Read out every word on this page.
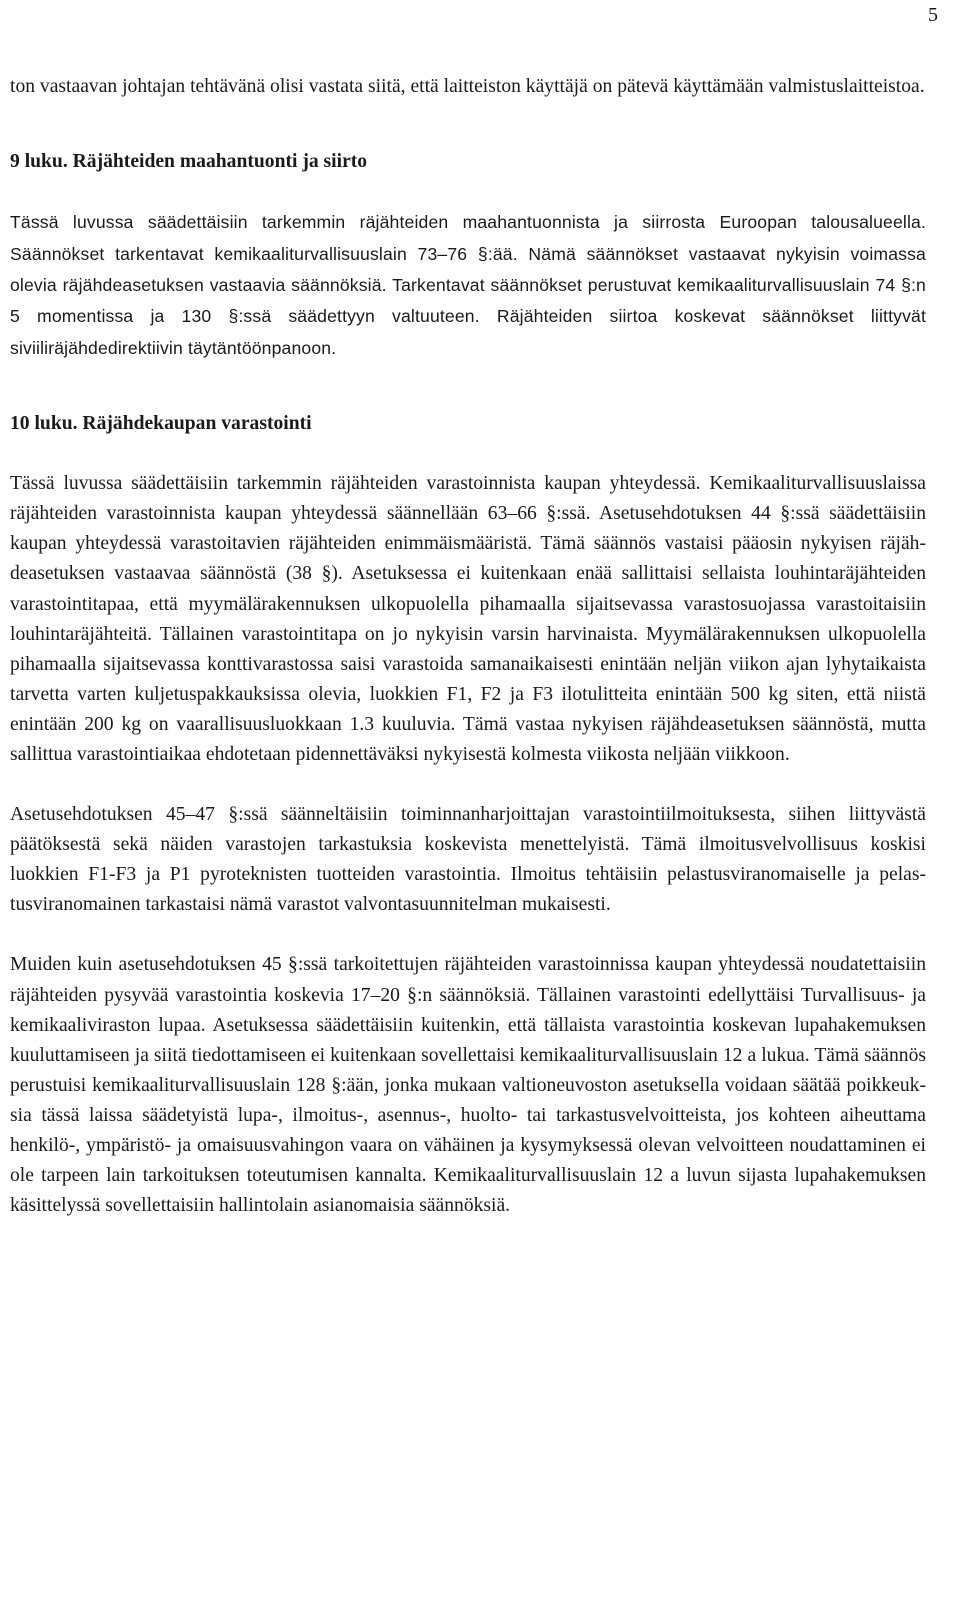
5

ton vastaavan johtajan tehtävänä olisi vastata siitä, että laitteiston käyttäjä on pätevä käyttämään valmistuslaitteistoa.

9 luku. Räjähteiden maahantuonti ja siirto

Tässä luvussa säädettäisiin tarkemmin räjähteiden maahantuonnista ja siirrosta Euroopan talousalueella. Säännökset tarkentavat kemikaaliturvallisuuslain 73–76 §:ää. Nämä säännökset vastaavat nykyisin voimassa olevia räjähdeasetuksen vastaavia säännöksiä. Tarkentavat säännökset perustuvat kemikaaliturvallisuuslain 74 §:n 5 momentissa ja 130 §:ssä säädettyyn valtuuteen. Räjähteiden siirtoa koskevat säännökset liittyvät siviiliräjähdedirektiivin täytäntöönpanoon.

10 luku. Räjähdekaupan varastointi

Tässä luvussa säädettäisiin tarkemmin räjähteiden varastoinnista kaupan yhteydessä. Kemikaaliturvallisuuslaissa räjähteiden varastoinnista kaupan yhteydessä säännellään 63–66 §:ssä. Asetusehdotuksen 44 §:ssä säädettäisiin kaupan yhteydessä varastoitavien räjähteiden enimmäismääristä. Tämä säännös vastaisi pääosin nykyisen räjähdeasetuksen vastaavaa säännöstä (38 §). Asetuksessa ei kuitenkaan enää sallittaisi sellaista louhintaräjähteiden varastointitapaa, että myymälärakennuksen ulkopuolella pihamaalla sijaitsevassa varastosuojassa varastoitaisiin louhintaräjähteitä. Tällainen varastointitapa on jo nykyisin varsin harvinaista. Myymälärakennuksen ulkopuolella pihamaalla sijaitsevassa konttivarastossa saisi varastoida samanaikaisesti enintään neljän viikon ajan lyhytaikaista tarvetta varten kuljetuspakkauksissa olevia, luokkien F1, F2 ja F3 ilotulitteita enintään 500 kg siten, että niistä enintään 200 kg on vaarallisuusluokkaan 1.3 kuuluvia. Tämä vastaa nykyisen räjähdeasetuksen säännöstä, mutta sallittua varastointiaikaa ehdotetaan pidennettäväksi nykyisestä kolmesta viikosta neljään viikkoon.

Asetusehdotuksen 45–47 §:ssä säänneltäisiin toiminnanharjoittajan varastointiilmoituksesta, siihen liittyvästä päätöksestä sekä näiden varastojen tarkastuksia koskevista menettelyistä. Tämä ilmoitusvelvollisuus koskisi luokkien F1-F3 ja P1 pyroteknisten tuotteiden varastointia. Ilmoitus tehtäisiin pelastusviranomaiselle ja pelastusviranomainen tarkastaisi nämä varastot valvontasuunnitelman mukaisesti.

Muiden kuin asetusehdotuksen 45 §:ssä tarkoitettujen räjähteiden varastoinnissa kaupan yhteydessä noudatettaisiin räjähteiden pysyvää varastointia koskevia 17–20 §:n säännöksiä. Tällainen varastointi edellyttäisi Turvallisuus- ja kemikaaliviraston lupaa. Asetuksessa säädettäisiin kuitenkin, että tällaista varastointia koskevan lupahakemuksen kuuluttamiseen ja siitä tiedottamiseen ei kuitenkaan sovellettaisi kemikaaliturvallisuuslain 12 a lukua. Tämä säännös perustuisi kemikaaliturvallisuuslain 128 §:ään, jonka mukaan valtioneuvoston asetuksella voidaan säätää poikkeuksia tässä laissa säädetyistä lupa-, ilmoitus-, asennus-, huolto- tai tarkastusvelvoitteista, jos kohteen aiheuttama henkilö-, ympäristö- ja omaisuusvahingon vaara on vähäinen ja kysymyksessä olevan velvoitteen noudattaminen ei ole tarpeen lain tarkoituksen toteutumisen kannalta. Kemikaaliturvallisuuslain 12 a luvun sijasta lupahakemuksen käsittelyssä sovellettaisiin hallintolain asianomaisia säännöksiä.
